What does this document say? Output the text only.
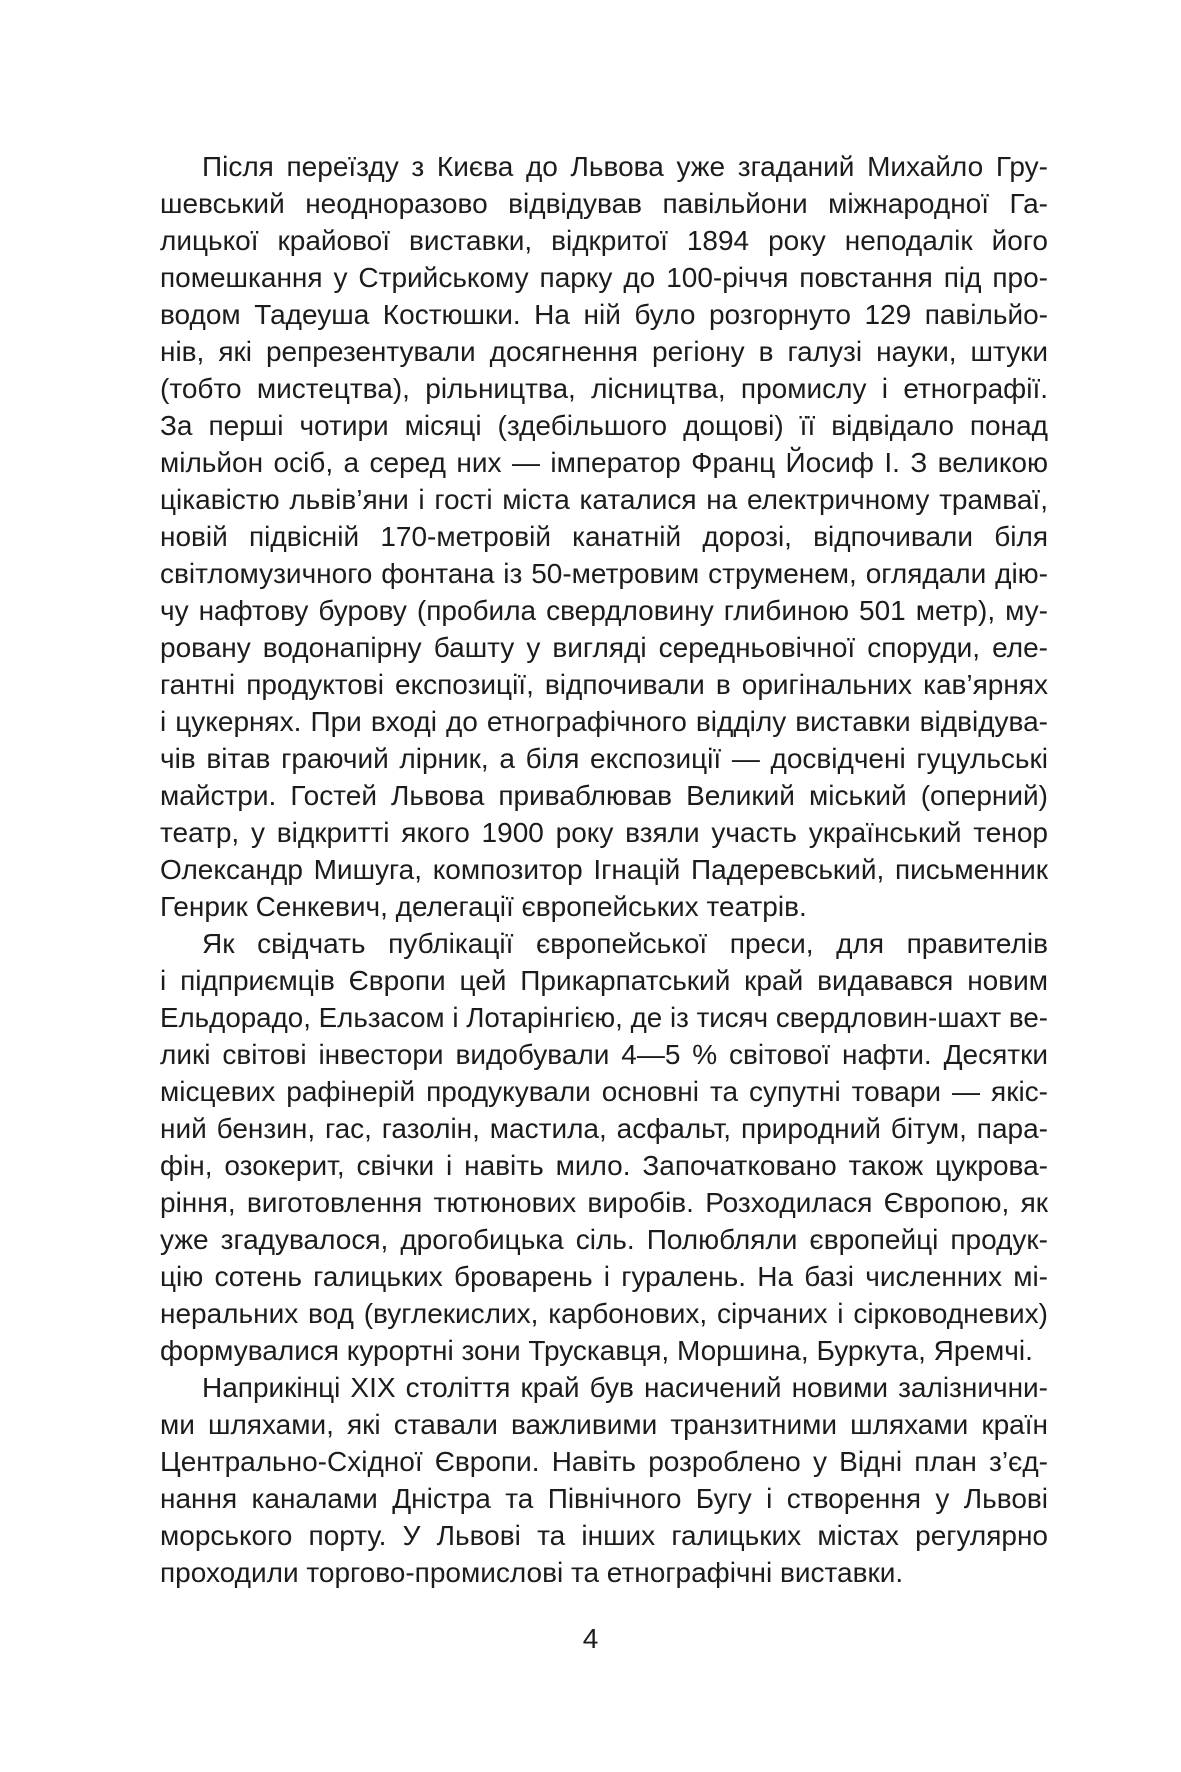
Після переїзду з Києва до Львова уже згаданий Михайло Гру-
шевський неодноразово відвідував павільйони міжнародної Га-
лицької крайової виставки, відкритої 1894 року неподалік його
помешкання у Стрийському парку до 100-річчя повстання під про-
водом Тадеуша Костюшки. На ній було розгорнуто 129 павільйо-
нів, які репрезентували досягнення регіону в галузі науки, штуки
(тобто мистецтва), рільництва, лісництва, промислу і етнографії.
За перші чотири місяці (здебільшого дощові) її відвідало понад
мільйон осіб, а серед них — імператор Франц Йосиф І. З великою
цікавістю львів’яни і гості міста каталися на електричному трамваї,
новій підвісній 170-метровій канатній дорозі, відпочивали біля
світломузичного фонтана із 50-метровим струменем, оглядали дію-
чу нафтову бурову (пробила свердловину глибиною 501 метр), му-
ровану водонапірну башту у вигляді середньовічної споруди, еле-
гантні продуктові експозиції, відпочивали в оригінальних кав’ярнях
і цукернях. При вході до етнографічного відділу виставки відвідува-
чів вітав граючий лірник, а біля експозиції — досвідчені гуцульські
майстри. Гостей Львова приваблював Великий міський (оперний)
театр, у відкритті якого 1900 року взяли участь український тенор
Олександр Мишуга, композитор Ігнацій Падеревський, письменник
Генрик Сенкевич, делегації європейських театрів.
Як свідчать публікації європейської преси, для правителів
і підприємців Європи цей Прикарпатський край видавався новим
Ельдорадо, Ельзасом і Лотарінгією, де із тисяч свердловин-шахт ве-
ликі світові інвестори видобували 4—5 % світової нафти. Десятки
місцевих рафінерій продукували основні та супутні товари — якіс-
ний бензин, гас, газолін, мастила, асфальт, природний бітум, пара-
фін, озокерит, свічки і навіть мило. Започатковано також цукрова-
ріння, виготовлення тютюнових виробів. Розходилася Європою, як
уже згадувалося, дрогобицька сіль. Полюбляли європейці продук-
цію сотень галицьких броварень і гуралень. На базі численних мі-
неральних вод (вуглекислих, карбонових, сірчаних і сірководневих)
формувалися курортні зони Трускавця, Моршина, Буркута, Яремчі.
Наприкінці ХІХ століття край був насичений новими залізнични-
ми шляхами, які ставали важливими транзитними шляхами країн
Центрально-Східної Європи. Навіть розроблено у Відні план з’єд-
нання каналами Дністра та Північного Бугу і створення у Львові
морського порту. У Львові та інших галицьких містах регулярно
проходили торгово-промислові та етнографічні виставки.
4
